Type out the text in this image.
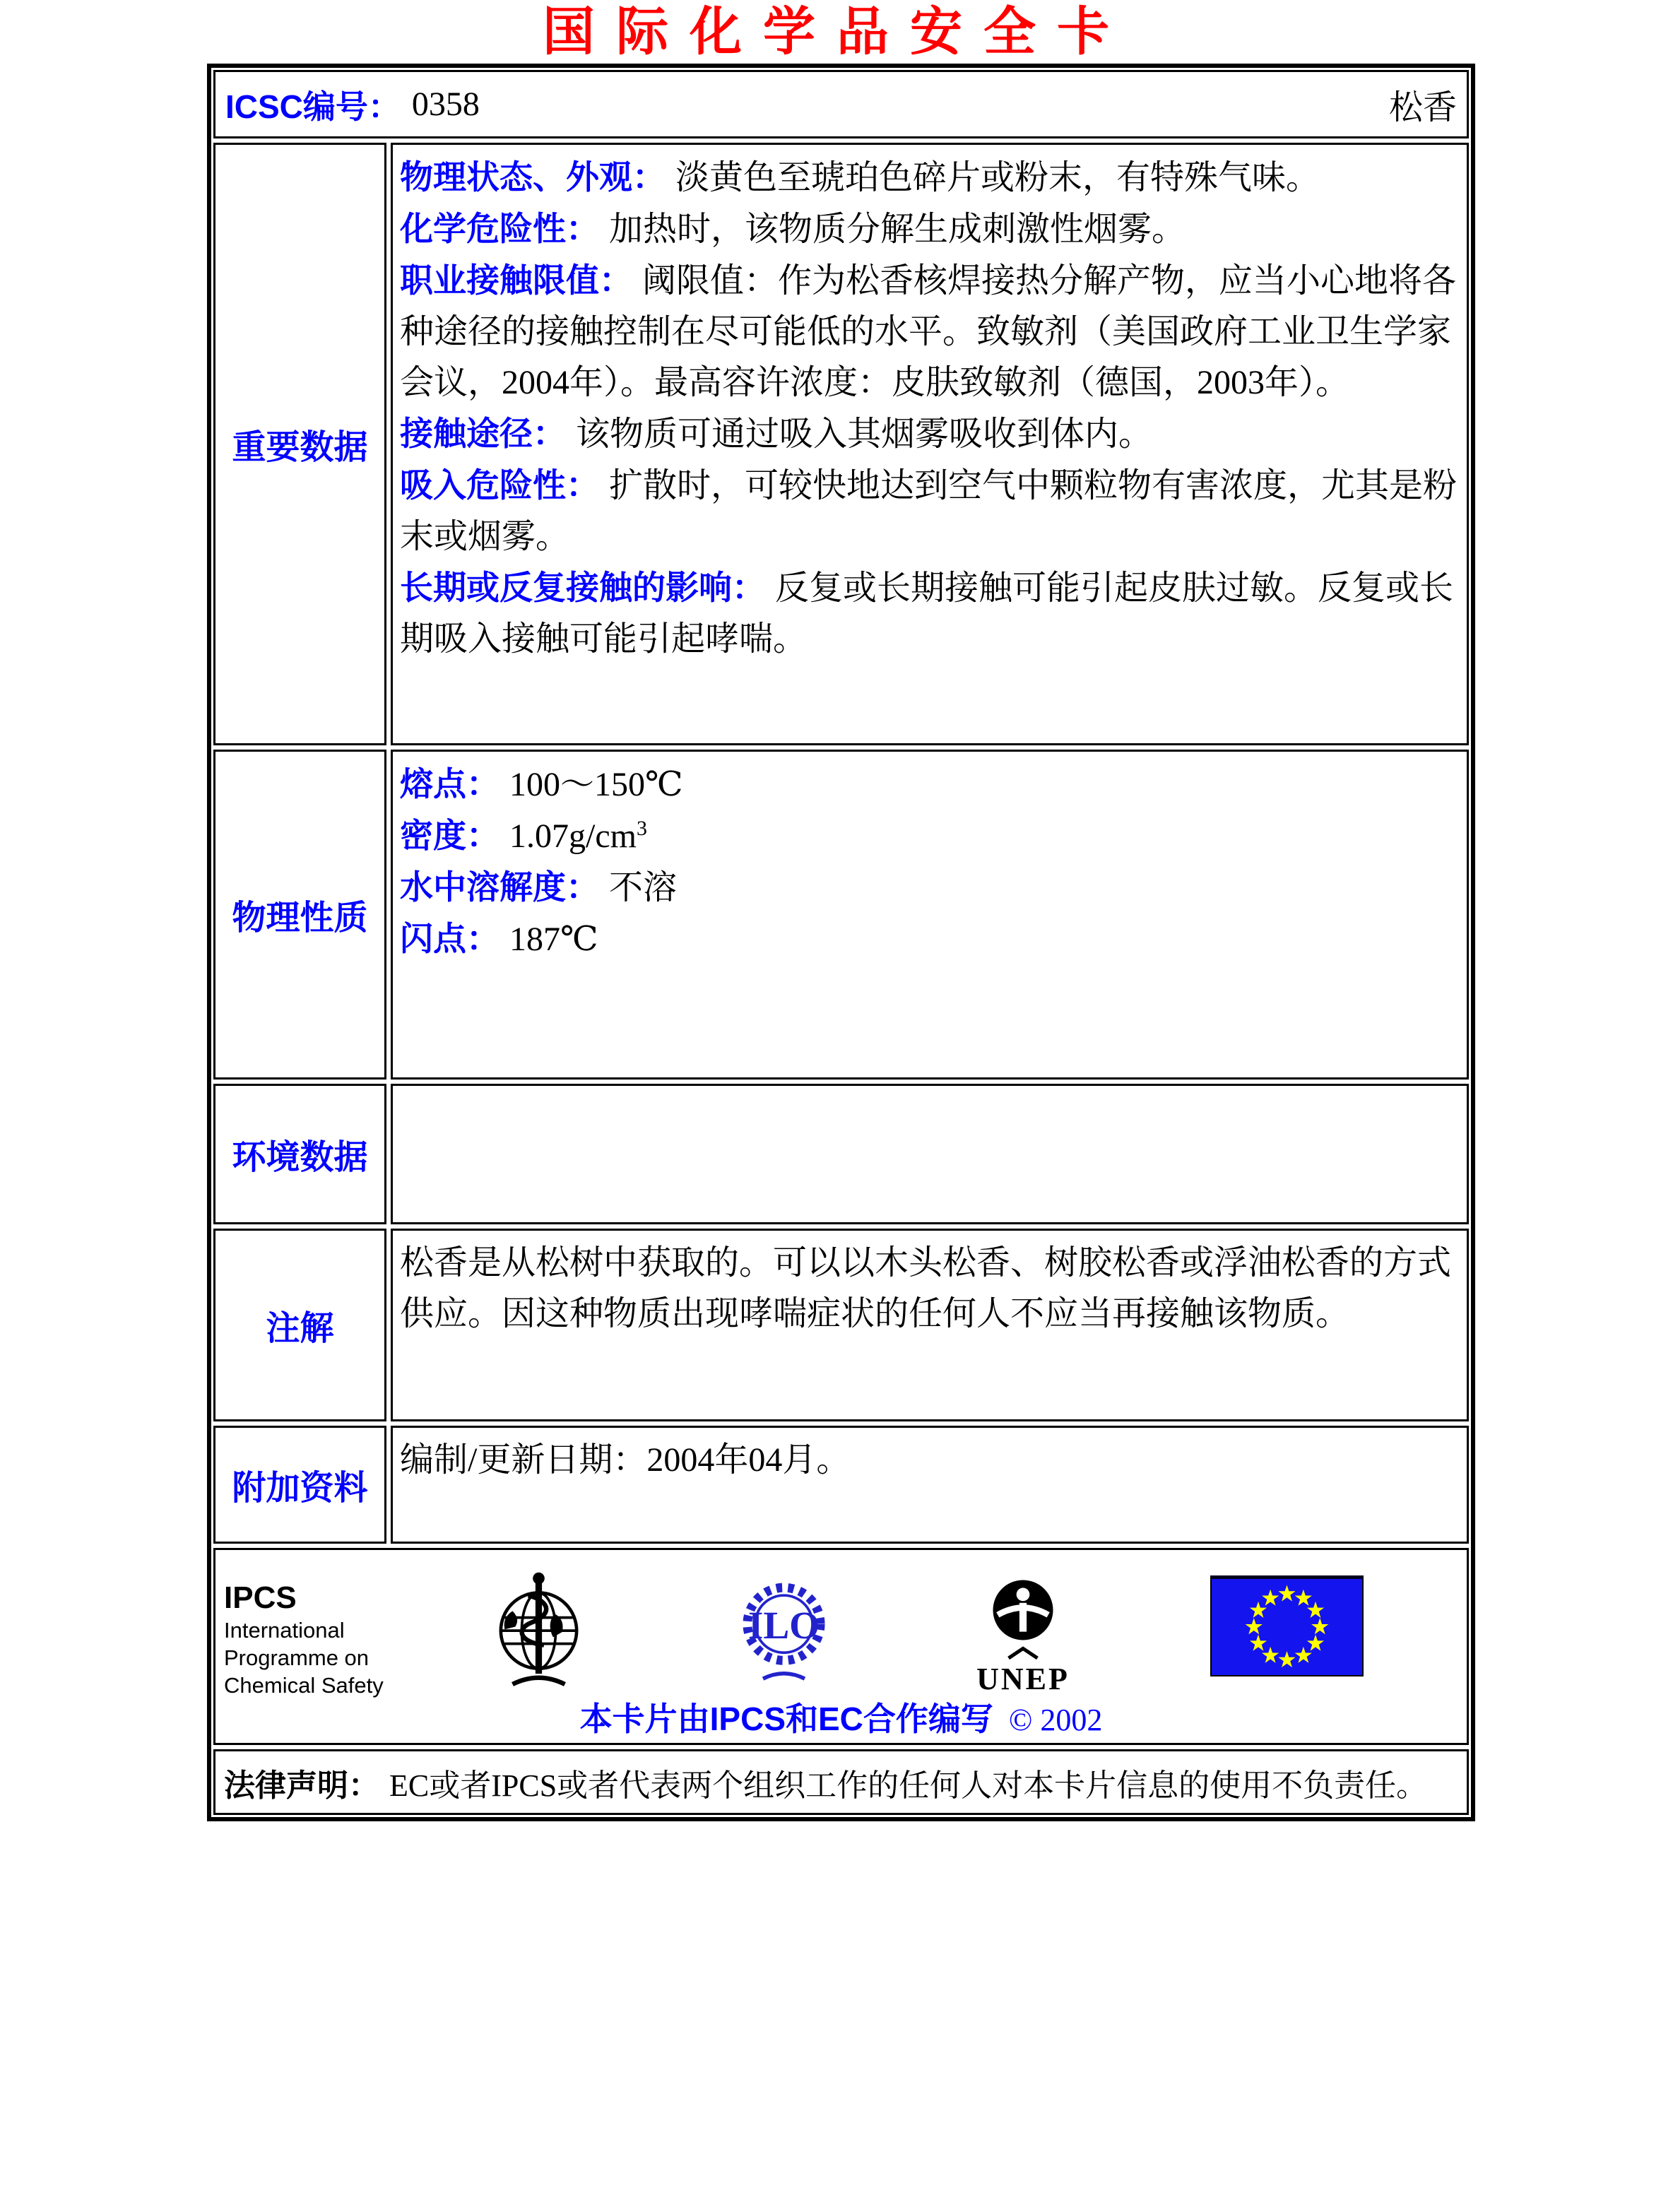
国际化学品安全卡
ICSC编号： 0358	松香
重要数据

物理状态、外观： 淡黄色至琥珀色碎片或粉末，有特殊气味。

化学危险性： 加热时，该物质分解生成刺激性烟雾。

职业接触限值： 阈限值：作为松香核焊接热分解产物，应当小心地将各种途径的接触控制在尽可能低的水平。致敏剂（美国政府工业卫生学家会议，2004年）。最高容许浓度：皮肤致敏剂（德国，2003年）。

接触途径： 该物质可通过吸入其烟雾吸收到体内。

吸入危险性： 扩散时，可较快地达到空气中颗粒物有害浓度，尤其是粉末或烟雾。

长期或反复接触的影响： 反复或长期接触可能引起皮肤过敏。反复或长期吸入接触可能引起哮喘。

物理性质

熔点： 100～150℃

密度： $1.07g/cm^3$

水中溶解度： 不溶

闪点： 187℃

环境数据
注解

松香是从松树中获取的。可以以木头松香、树胶松香或浮油松香的方式供应。因这种物质出现哮喘症状的任何人不应当再接触该物质。

附加资料

编制/更新日期：2004年04月。

IPCS
International
Programme on
Chemical Safety
ILO
UNEP
本卡片由IPCS和EC合作编写 © 2002
法律声明： EC或者IPCS或者代表两个组织工作的任何人对本卡片信息的使用不负责任。
